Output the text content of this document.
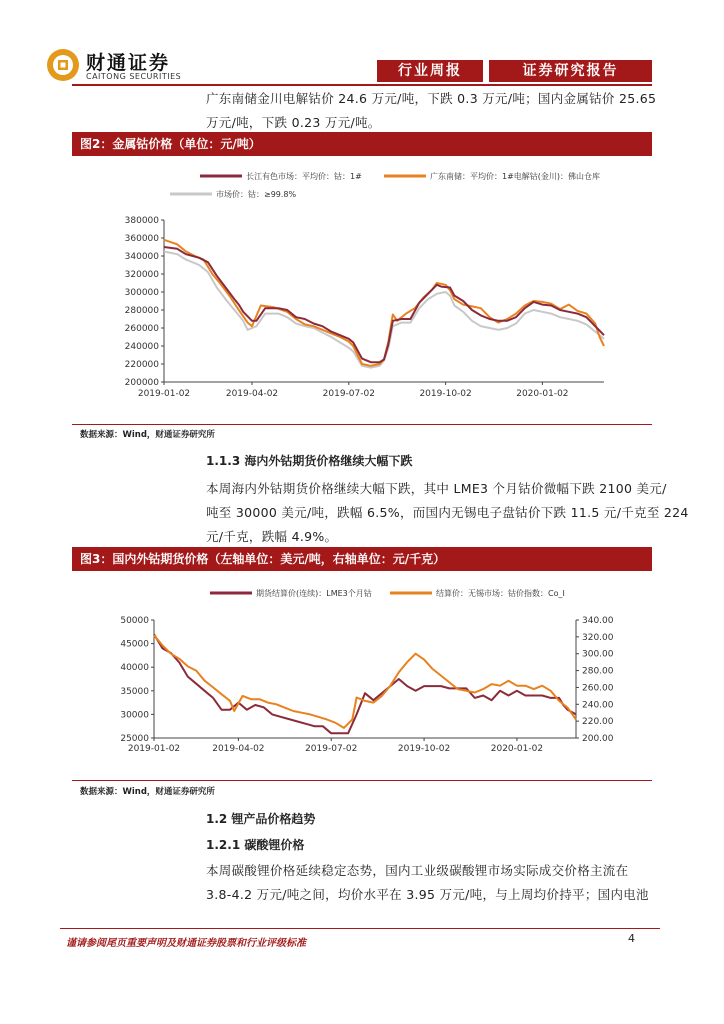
财通证券
CAITONG SECURITIES	行业周报	证券研究报告
广东南储金川电解钴价 24.6 万元/吨，下跌 0.3 万元/吨；国内金属钴价 25.65
万元/吨，下跌 0.23 万元/吨。
图2：金属钴价格（单位：元/吨）
长江有色市场：平均价：钴：1#	广东南储：平均价：1#电解钴(金川)：佛山仓库
市场价：钴：≥99.8%
380000
360000
340000
320000
300000
280000
260000
240000
220000
200000
2019-01-02	2019-04-02	2019-07-02	2019-10-02	2020-01-02
数据来源：Wind，财通证券研究所
1.1.3 海内外钴期货价格继续大幅下跌
本周海内外钴期货价格继续大幅下跌，其中 LME3 个月钴价微幅下跌 2100 美元/
吨至 30000 美元/吨，跌幅 6.5%，而国内无锡电子盘钴价下跌 11.5 元/千克至 224
元/千克，跌幅 4.9%。
图3：国内外钴期货价格（左轴单位：美元/吨，右轴单位：元/千克）
期货结算价(连续)：LME3个月钴	结算价：无锡市场：钴价指数：Co_I
50000
45000
40000
35000
30000
25000
340.00
320.00
300.00
280.00
260.00
240.00
220.00
200.00
2019-01-02	2019-04-02	2019-07-02	2019-10-02	2020-01-02
数据来源：Wind，财通证券研究所
1.2 锂产品价格趋势
1.2.1 碳酸锂价格
本周碳酸锂价格延续稳定态势，国内工业级碳酸锂市场实际成交价格主流在
3.8-4.2 万元/吨之间，均价水平在 3.95 万元/吨，与上周均价持平；国内电池
谨请参阅尾页重要声明及财通证券股票和行业评级标准	4
